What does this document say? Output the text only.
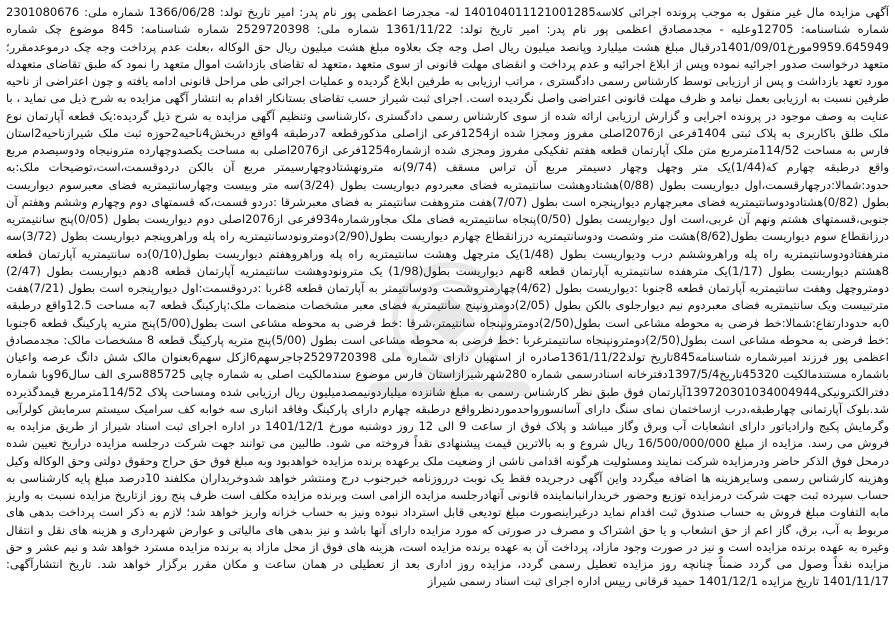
آگهی مزایده مال غیر منقول به موجب پرونده اجرائی کلاسه140104011121001285 له- مجدرضا اعظمی پور نام پدر: امیر تاریخ تولد: 1366/06/28 شماره ملی: 2301080676 شماره شناسنامه: 12705وعلیه - مجدمصادق اعظمی پور نام پدر: امیر تاریخ تولد: 1361/11/22 شماره ملی: 2529720398 شماره شناسنامه: 845 موضوع چک شماره 9959.645949مورخ1401/09/01درقبال مبلغ هشت میلیارد وپانصد میلیون ریال اصل وجه چک بعلاوه مبلغ هشت میلیون ریال حق الوکاله ،بعلت عدم پرداخت وجه چک درموعدمقرر؛ متعهد درخواست صدور اجرائیه نموده وپس از ابلاغ اجرائیه و عدم پرداخت و انقضای مهلت قانونی از سوی متعهد ،متعهد له تقاضای بازداشت اموال متعهد را نمود که طبق تقاضای متعهدله مورد تعهد بازداشت و پس از ارزیابی توسط کارشناس رسمی دادگستری ، مراتب ارزیابی به طرفین ابلاغ گردیده و عملیات اجرائی طی مراحل قانونی ادامه یافته و چون اعتراضی از ناحیه طرفین نسبت به ارزیابی بعمل نیامد و ظرف مهلت قانونی اعتراضی واصل نگردیده است. اجرای ثبت شیراز حسب تقاضای بستانکار اقدام به انتشار آگهی مزایده به شرح ذیل می نماید ، با عنایت به وصف موجود در پرونده اجرایی و گزارش ارزیابی ارائه شده از سوی کارشناس رسمی دادگستری ،کارشناسی وتنظیم آگهی مزایده به شرح ذیل گردیده:یک قطعه آپارتمان نوع ملک طلق باکاربری به پلاک ثبتی 1404فرعی از2076اصلی مفروز ومجزا شده از1254فرعی ازاصلی مذکورقطعه 7درطبقه 4واقع دربخش4ناحیه2حوزه ثبت ملک شیرازناحیه2استان فارس به مساحت 114/52مترمربع متن ملک آپارتمان قطعه هفتم تفکیکی مفروز ومجزی شده ازشماره1254فرعی از2076اصلی به مساحت یکصدوچهارده مترونیجاه ودوسیصدم مربع واقع درطبقه چهارم که(1/44)یک متر وچهل وچهار دسیمتر مربع آن تراس مسقف (9/74)نه مترونهشتادوچهارسیمتر مربع آن بالکن دردوقسمت،است،توضیحات ملک:به حدود:شمالا:درچهارقسمت،اول دیواریست بطول (0/88)هشتادوهشت سانتیمتریه فضای معبردوم دیواریست بطول (3/24)سه متر وبیست وچهارسانتیمتریه فضای معبرسوم دیواریست بطول (0/82)هشتادودوسانتیمتریه فضای معبرچهارم دیوارپنجره است بطول (7/07)هفت متروهفت سانتیمتر به فضای معبرشرقا :دردو قسمت،که قسمتهای دوم وچهارم وششم وهفتم آن جنوبی،قسمتهای هشتم ونهم آن غربی،است اول دیواریست بطول (0/50)پنجاه سانتیمتریه فضای ملک مجاورشماره934فرعی از2076اصلی دوم دیواریست بطول (0/05)پنج سانتیمتریه درزانقطاع سوم دیواریست بطول(8/62)هشت متر وشصت ودوسانتیمتریه درزانقطاع چهارم دیواریست بطول(2/90)دومترونودسانتیمتریه راه پله وراهروپنجم دیواریست بطول (3/72)سه مترهفتادودوسانتیمتریه راه پله وراهروششم درب ودیواریست بطول (1/48)یک مترچهل وهشت سانتیمتریه راه پله وراهروهفتم دیواریست بطول(0/10)ده سانتیمتریه آپارتمان قطعه 8هشتم دیواریست بطول (1/17)یک مترهفده سانتیمتریه آپارتمان قطعه 8نهم دیواریست بطول(1/98) یک مترونودوهشت سانتیمتریه آپارتمان قطعه 8دهم دیواریست بطول (2/47) دومتروچهل وهفت سانتیمتریه آپارتمان قطعه 8جنوبا :دیواریست بطول (4/62)چهارمتروشصت ودوسانتیمتر به آپارتمان قطعه 8غربا :دردوقسمت:اول دیوارپنجره است بطول (7/21)هفت مترتبیست ویک سانتیمتریه فضای معبردوم نیم دیوارجلوی بالکن بطول (2/05)دومترونپنج سانتیمتریه فضای معبر مشخصات منضمات ملک:پارکینگ قطعه 7به مساحت 12.5واقع درطبقه 0به حدودارتفاع:شمالا:خط فرضی به محوطه مشاعی است بطول(2/50)دومترونپنجاه سانتیمتر،شرقا :خط فرضی به محوطه مشاعی است بطول(5/00)پنج متریه پارکینگ قطعه 6جنوبا :خط فرضی به محوطه مشاعی است بطول(2/50)دومترونپنجاه سانتیمترغربا :خط فرضی به محوطه مشاعی است بطول (5/00)پنج متریه پارکینگ قطعه 8 مشخصات مالک: مجدمصادق اعظمی پور فرزند امیرشماره شناسنامه845تاریخ تولد1361/11/22صادره از استهبان دارای شماره ملی 2529720398جاجرسهم6ازکل سهم6بعنوان مالک شش دانگ عرصه واعیان باشماره مستندمالکیت 45320تاریخ1397/5/4دفترخانه اسنادرسمی شماره 280شهرشیرازاستان فارس موضوع سندمالکیت اصلی به شماره چاپی 885725سری الف سال96وبا شماره دفترالکترونیکی139720301034004944آپارتمان فوق طبق نظر کارشناس رسمی به مبلغ شانزده میلیاردونیمصدمیلیون ریال ارزیابی شده ومساحت پلاک 114/52مترمربع قیمدگذیرده شد.بلوک آپارتمانی چهارطبقه،درب ازساختمان نمای سنگ دارای آسانسورواحدموردنظرواقع درطبقه چهارم دارای پارکینگ وفاقد انباری سه خوابه کف سرامیک سیستم سرمایش کولرآبی وگرمایش پکیج وارادیاتور دارای انشعابات آب وبرق وگاز میباشد و پلاک فوق از ساعت 9 الی 12 روز دوشنبه مورخ 1401/12/1 در اداره اجرای ثبت اسناد شیراز از طریق مزایده به فروش می رسد. مزایده از مبلغ 16/500/000/000 ریال شروع و به بالاترین قیمت پیشنهادی نقداً فروخته می شود. طالبین می توانند جهت شرکت درجلسه مزایده دراریخ تعیین شده درمحل فوق الذکر حاضر ودرمزایده شرکت نمایند ومسئولیت هرگونه اقدامی ناشی از وضعیت ملک برعهده برنده مزایده خواهدبود وبه مبلغ فوق حق حراج وحقوق دولتی وحق الوکاله وکیل وهزینه کارشناس رسمی وسایرهزینه ها اضافه میگردد واین آگهی درجریده فقط یک نوبت درروزنامه خبرجنوب درج ومنتشر خواهد شدوخریداران مکلفند 10درصد مبلغ پایه کارشناسی به حساب سپرده ثبت جهت شرکت درمزایده توزیع وحضور خریدارانبانماینده قانونی آنهادرجلسه مزایده الزامی است وبرنده مزایده مکلف است ظرف پنج روز ازتاریخ مزایده نسبت به واریز مابه التفاوت مبلغ فروش به حساب صندوق ثبت اقدام نماید درغیراینصورت مبلغ تودیعی قابل استرداد نبوده ونیز به حساب خزانه واریز خواهد شد؛ لازم به ذکر است پرداخت بدهی های مربوط به آب، برق، گاز اعم از حق انشعاب و یا حق اشتراک و مصرف در صورتی که مورد مزایده دارای آنها باشد و نیز بدهی های مالیاتی و عوارض شهرداری و هزینه های نقل و انتقال وغیره به عهده برنده مزایده است و نیز در صورت وجود مازاد، پرداخت آن به عهده برنده مزایده است، هزینه های فوق از محل مازاد به برنده مزایده مسترد خواهد شد و نیم عشر و حق مزایده نقداً وصول می گردد ضمناً چنانچه روز مزایده تعطیل رسمی گردد، مزایده روز اداری بعد از تعطیلی در همان ساعت و مکان مقرر برگزار خواهد شد. تاریخ انتشارآگهی: 1401/11/17 تاریخ مزایده 1401/12/1 حمید قرقانی رییس اداره اجرای ثبت اسناد رسمی شیراز
